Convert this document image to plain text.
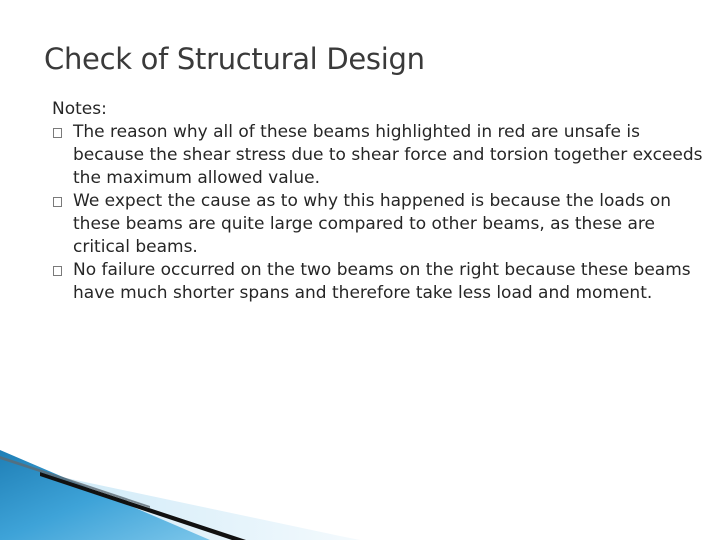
Check of Structural Design

Notes:

The reason why all of these beams highlighted in red are unsafe is because the shear stress due to shear force and torsion together exceeds the maximum allowed value.
We expect the cause as to why this happened is because the loads on these beams are quite large compared to other beams, as these are critical beams.
No failure occurred on the two beams on the right because these beams have much shorter spans and therefore take less load and moment.
